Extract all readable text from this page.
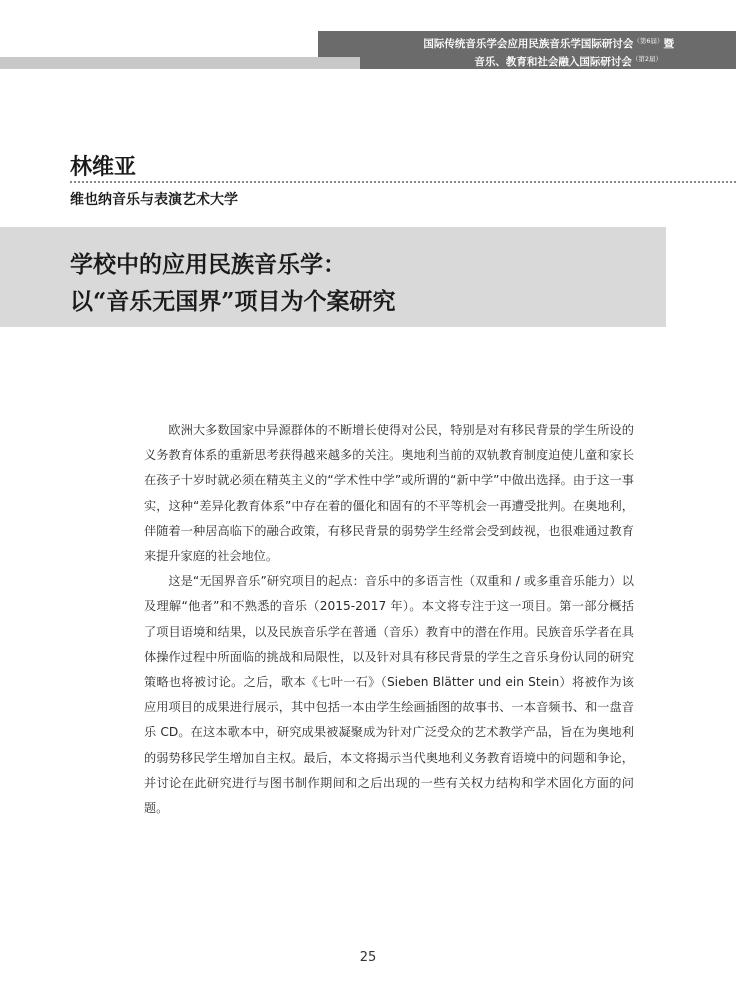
国际传统音乐学会应用民族音乐学国际研讨会$^{(第6届)}$暨
音乐、教育和社会融入国际研讨会$^{(第2届)}$
林维亚
维也纳音乐与表演艺术大学
学校中的应用民族音乐学：
以“音乐无国界”项目为个案研究

欧洲大多数国家中异源群体的不断增长使得对公民，特别是对有移民背景的学生所设的义务教育体系的重新思考获得越来越多的关注。奥地利当前的双轨教育制度迫使儿童和家长在孩子十岁时就必须在精英主义的“学术性中学”或所谓的“新中学”中做出选择。由于这一事实，这种“差异化教育体系”中存在着的僵化和固有的不平等机会一再遭受批判。在奥地利，伴随着一种居高临下的融合政策，有移民背景的弱势学生经常会受到歧视，也很难通过教育来提升家庭的社会地位。

这是“无国界音乐”研究项目的起点：音乐中的多语言性（双重和 / 或多重音乐能力）以及理解“他者”和不熟悉的音乐（2015-2017 年）。本文将专注于这一项目。第一部分概括了项目语境和结果，以及民族音乐学在普通（音乐）教育中的潜在作用。民族音乐学者在具体操作过程中所面临的挑战和局限性，以及针对具有移民背景的学生之音乐身份认同的研究策略也将被讨论。之后，歌本《七叶一石》（Sieben Blätter und ein Stein）将被作为该应用项目的成果进行展示，其中包括一本由学生绘画插图的故事书、一本音频书、和一盘音乐 CD。在这本歌本中，研究成果被凝聚成为针对广泛受众的艺术教学产品，旨在为奥地利的弱势移民学生增加自主权。最后，本文将揭示当代奥地利义务教育语境中的问题和争论，并讨论在此研究进行与图书制作期间和之后出现的一些有关权力结构和学术固化方面的问题。

25
